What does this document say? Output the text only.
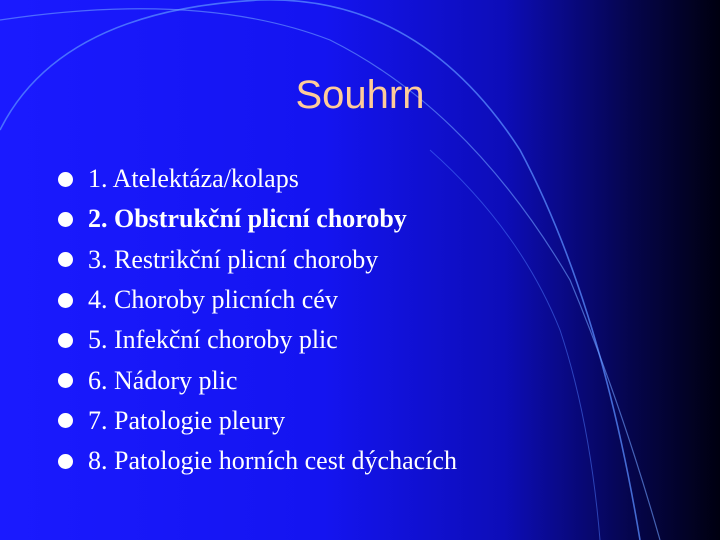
Souhrn
1. Atelektáza/kolaps
2. Obstrukční plicní choroby
3. Restrikční plicní choroby
4. Choroby plicních cév
5. Infekční choroby plic
6. Nádory plic
7. Patologie pleury
8. Patologie horních cest dýchacích
